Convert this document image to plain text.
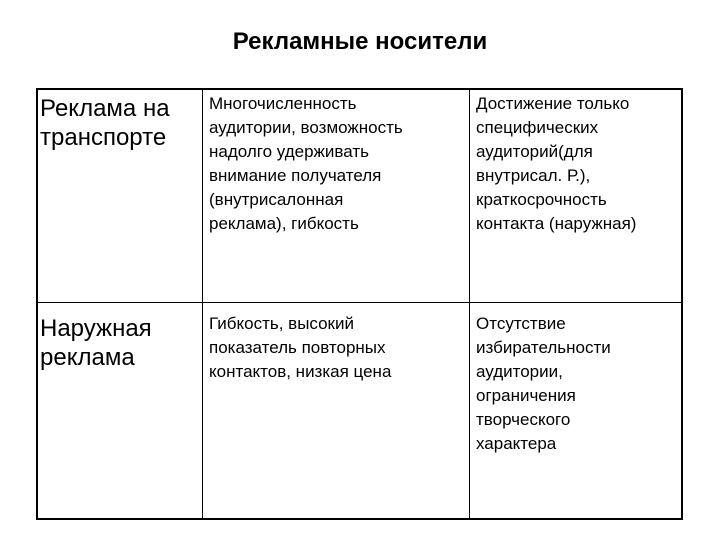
Рекламные носители
Реклама на
транспорте
Многочисленность
аудитории, возможность
надолго удерживать
внимание получателя
(внутрисалонная
реклама), гибкость
Достижение только
специфических
аудиторий(для
внутрисал. Р.),
краткосрочность
контакта (наружная)
Наружная
реклама
Гибкость, высокий
показатель повторных
контактов, низкая цена
Отсутствие
избирательности
аудитории,
ограничения
творческого
характера
